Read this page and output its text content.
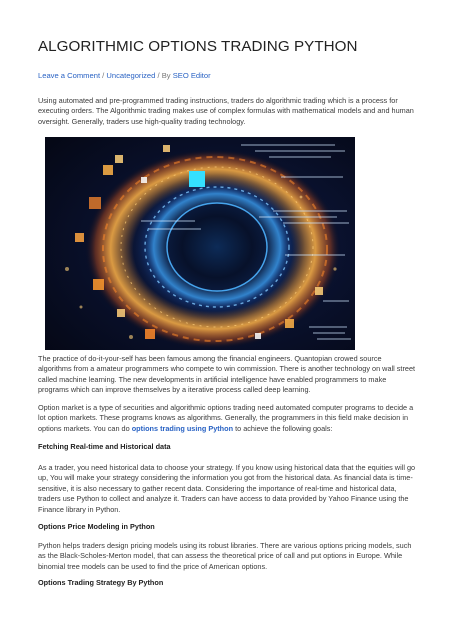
ALGORITHMIC OPTIONS TRADING PYTHON
Leave a Comment / Uncategorized / By SEO Editor

Using automated and pre-programmed trading instructions, traders do algorithmic trading which is a process for executing orders. The Algorithmic trading makes use of complex formulas with mathematical models and and human oversight. Generally, traders use high-quality trading technology.

The practice of do-it-your-self has been famous among the financial engineers. Quantopian crowed source algorithms from a amateur programmers who compete to win commission. There is another technology on wall street called machine learning. The new developments in artificial intelligence have enabled programmers to make programs which can improve themselves by a iterative process called deep learning.

Option market is a type of securities and algorithmic options trading need automated computer programs to decide a lot option markets. These programs knows as algorithms. Generally, the programmers in this field make decision in options markets. You can do options trading using Python to achieve the following goals:

Fetching Real-time and Historical data

As a trader, you need historical data to choose your strategy. If you know using historical data that the equities will go up, You will make your strategy considering the information you got from the historical data. As financial data is time-sensitive, it is also necessary to gather recent data. Considering the importance of real-time and historical data, traders use Python to collect and analyze it. Traders can have access to data provided by Yahoo Finance using the Finance library in Python.

Options Price Modeling in Python

Python helps traders design pricing models using its robust libraries. There are various options pricing models, such as the Black-Scholes-Merton model, that can assess the theoretical price of call and put options in Europe. While binomial tree models can be used to find the price of American options.

Options Trading Strategy By Python
